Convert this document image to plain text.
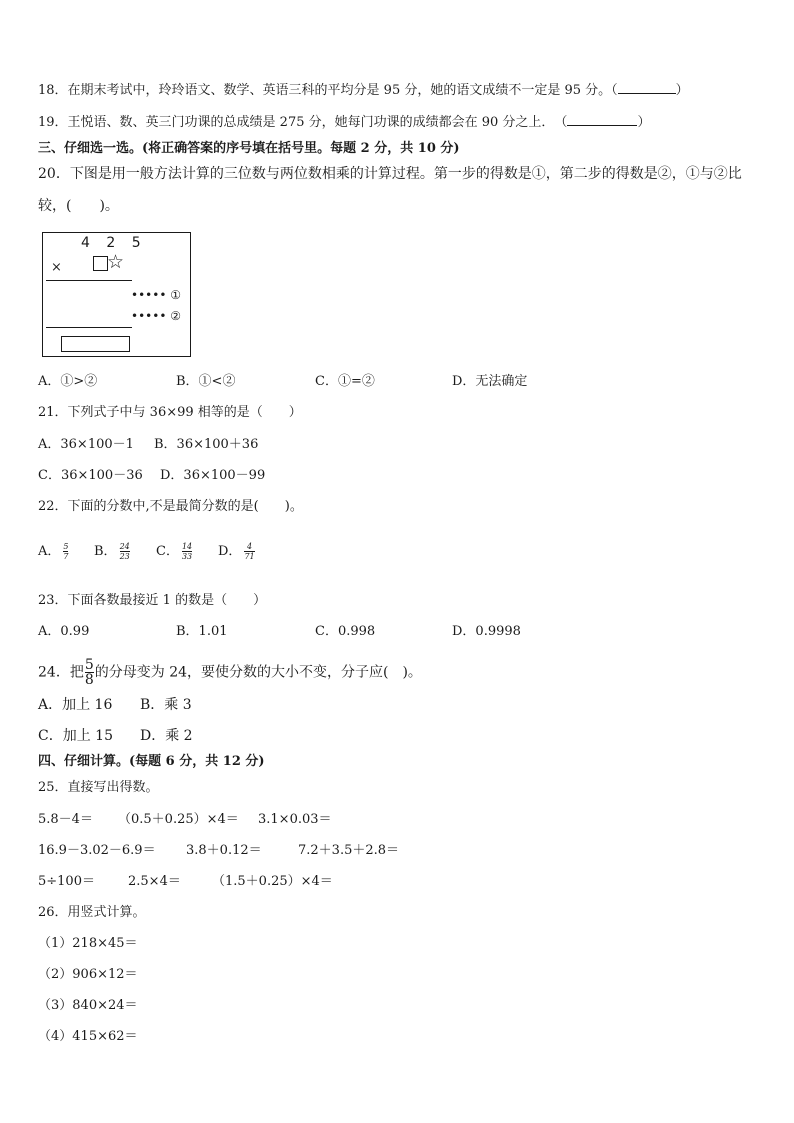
18．在期末考试中，玲玲语文、数学、英语三科的平均分是 95 分，她的语文成绩不一定是 95 分。（	）
19．王悦语、数、英三门功课的总成绩是 275 分，她每门功课的成绩都会在 90 分之上．　（	）
三、仔细选一选。(将正确答案的序号填在括号里。每题 2 分，共 10 分)
20．下图是用一般方法计算的三位数与两位数相乘的计算过程。第一步的得数是①，第二步的得数是②，①与②比
较，(　　)。
4 2 5
× ☆
••••• ①
••••• ②
A．①>②	B．①<②	C．①=②	D．无法确定
21．下列式子中与 36×99 相等的是（　　）
A．36×100－1 B．36×100＋36
C．36×100－36 D．36×100－99
22．下面的分数中,不是最简分数的是(　　)。
A． $\frac{5}{7}$ B． $\frac{24}{23}$ C． $\frac{14}{33}$ D． $\frac{4}{71}$
23．下面各数最接近 1 的数是（　　）
A．0.99	B．1.01	C．0.998	D．0.9998
24．把 $\frac{5}{8}$ 的分母变为 24，要使分数的大小不变，分子应(　)。
A．加上 16 B．乘 3
C．加上 15 D．乘 2
四、仔细计算。(每题 6 分，共 12 分)
25．直接写出得数。
5.8－4＝ （0.5＋0.25）×4＝ 3.1×0.03＝
16.9－3.02－6.9＝ 3.8＋0.12＝	7.2＋3.5＋2.8＝
5÷100＝	2.5×4＝ （1.5＋0.25）×4＝
26．用竖式计算。
（1）218×45＝
（2）906×12＝
（3）840×24＝
（4）415×62＝
